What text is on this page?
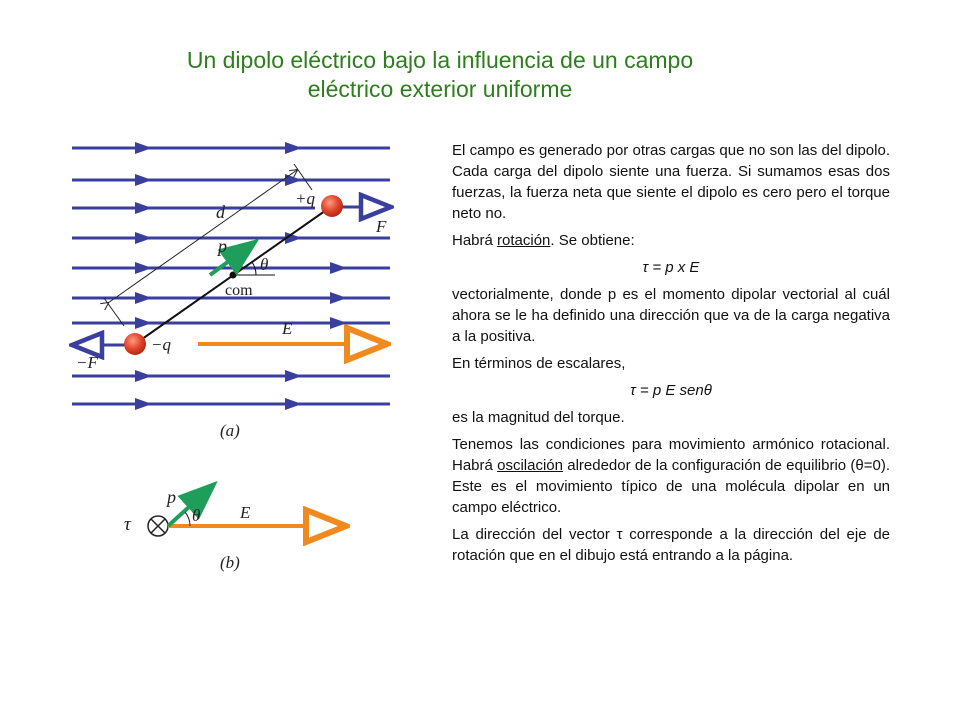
Un dipolo eléctrico bajo la influencia de un campo
eléctrico exterior uniforme
d
+q
F
p
θ
com
E
−q
−F
(a)
τ
p
θ E
(b)

El campo es generado por otras cargas que no son las del dipolo. Cada carga del dipolo siente una fuerza. Si sumamos esas dos fuerzas, la fuerza neta que siente el dipolo es cero pero el torque neto no.

Habrá rotación. Se obtiene:

τ = p x E

vectorialmente, donde p es el momento dipolar vectorial al cuál ahora se le ha definido una dirección que va de la carga negativa a la positiva.

En términos de escalares,

τ = p E senθ

es la magnitud del torque.

Tenemos las condiciones para movimiento armónico rotacional. Habrá oscilación alrededor de la configuración de equilibrio (θ=0). Este es el movimiento típico de una molécula dipolar en un campo eléctrico.

La dirección del vector τ corresponde a la dirección del eje de rotación que en el dibujo está entrando a la página.
